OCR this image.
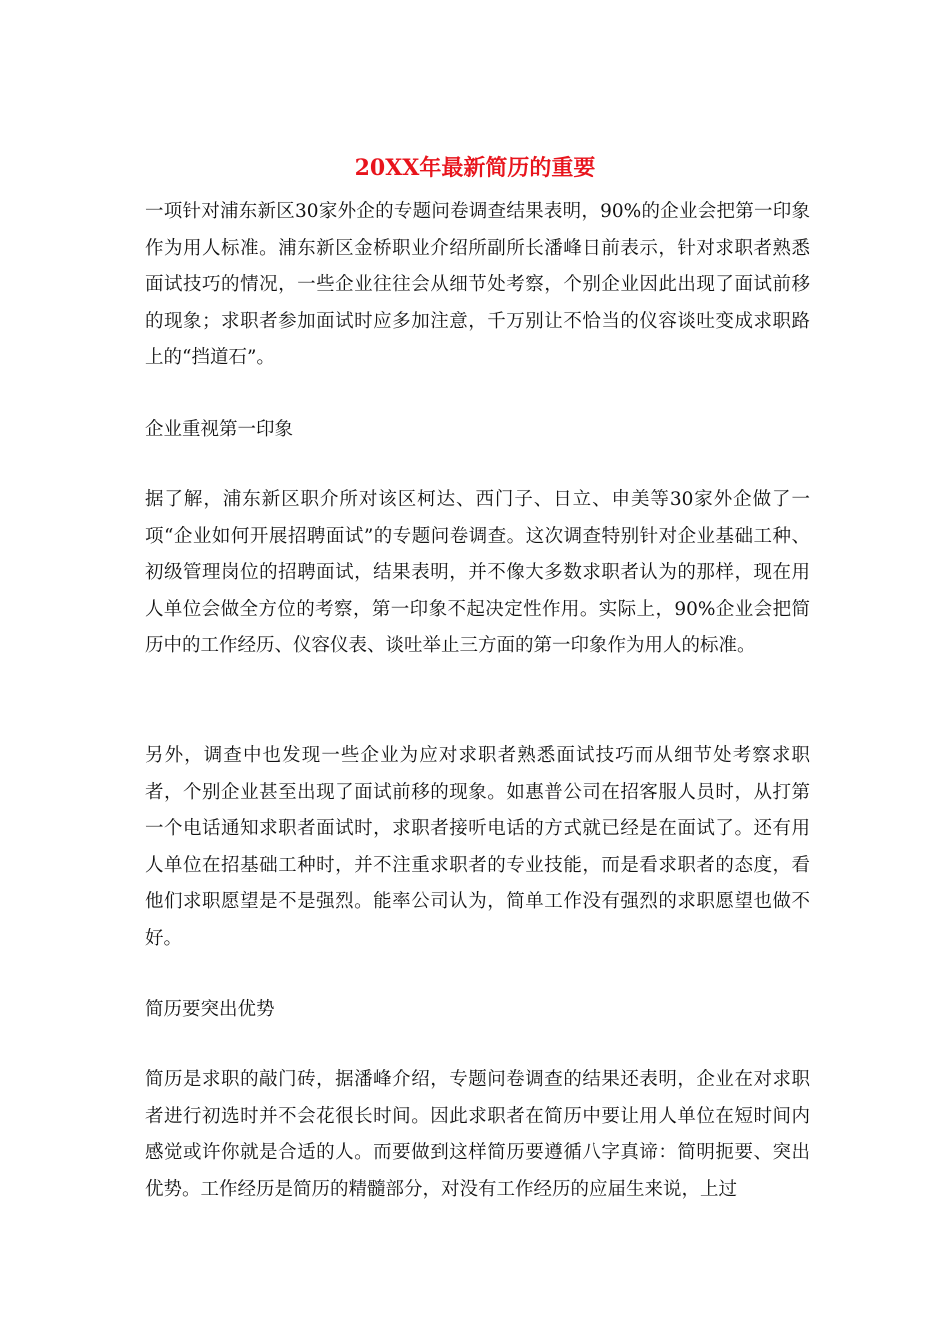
20XX年最新简历的重要

一项针对浦东新区30家外企的专题问卷调查结果表明，90%的企业会把第一印象作为用人标准。浦东新区金桥职业介绍所副所长潘峰日前表示，针对求职者熟悉面试技巧的情况，一些企业往往会从细节处考察，个别企业因此出现了面试前移的现象；求职者参加面试时应多加注意，千万别让不恰当的仪容谈吐变成求职路上的“挡道石”。

企业重视第一印象

据了解，浦东新区职介所对该区柯达、西门子、日立、申美等30家外企做了一项“企业如何开展招聘面试”的专题问卷调查。这次调查特别针对企业基础工种、初级管理岗位的招聘面试，结果表明，并不像大多数求职者认为的那样，现在用人单位会做全方位的考察，第一印象不起决定性作用。实际上，90%企业会把简历中的工作经历、仪容仪表、谈吐举止三方面的第一印象作为用人的标准。

另外，调查中也发现一些企业为应对求职者熟悉面试技巧而从细节处考察求职者，个别企业甚至出现了面试前移的现象。如惠普公司在招客服人员时，从打第一个电话通知求职者面试时，求职者接听电话的方式就已经是在面试了。还有用人单位在招基础工种时，并不注重求职者的专业技能，而是看求职者的态度，看他们求职愿望是不是强烈。能率公司认为，简单工作没有强烈的求职愿望也做不好。

简历要突出优势

简历是求职的敲门砖，据潘峰介绍，专题问卷调查的结果还表明，企业在对求职者进行初选时并不会花很长时间。因此求职者在简历中要让用人单位在短时间内感觉或许你就是合适的人。而要做到这样简历要遵循八字真谛：简明扼要、突出优势。工作经历是简历的精髓部分，对没有工作经历的应届生来说，上过
